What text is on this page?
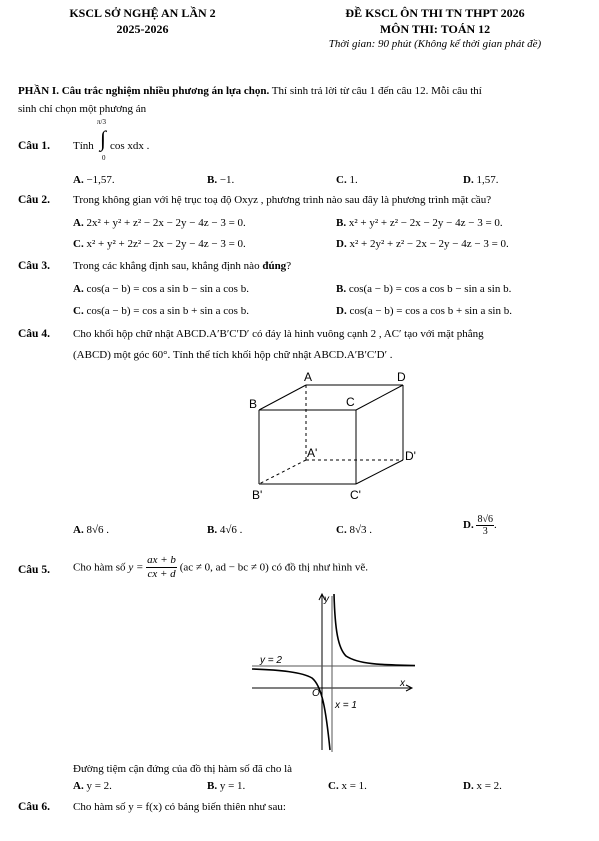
KSCL SỞ NGHỆ AN LẦN 2
2025-2026
ĐỀ KSCL ÔN THI TN THPT 2026
MÔN THI: TOÁN 12
Thời gian: 90 phút (Không kể thời gian phát đề)
PHẦN I. Câu trắc nghiệm nhiều phương án lựa chọn. Thí sinh trả lời từ câu 1 đến câu 12. Mỗi câu thí
sinh chỉ chọn một phương án
Câu 1. Tính
π/3
∫
0
cos xdx .
A. −1,57.	B. −1.	C. 1.	D. 1,57.
Câu 2. Trong không gian với hệ trục toạ độ Oxyz , phương trình nào sau đây là phương trình mặt cầu?
A. 2x² + y² + z² − 2x − 2y − 4z − 3 = 0.	B. x² + y² + z² − 2x − 2y − 4z − 3 = 0.
C. x² + y² + 2z² − 2x − 2y − 4z − 3 = 0.	D. x² + 2y² + z² − 2x − 2y − 4z − 3 = 0.
Câu 3. Trong các khẳng định sau, khẳng định nào đúng?
A. cos(a − b) = cos a sin b − sin a cos b.	B. cos(a − b) = cos a cos b − sin a sin b.
C. cos(a − b) = cos a sin b + sin a cos b.	D. cos(a − b) = cos a cos b + sin a sin b.
Câu 4. Cho khối hộp chữ nhật ABCD.A′B′C′D′ có đáy là hình vuông cạnh 2 , AC′ tạo với mặt phẳng
(ABCD) một góc 60°. Tính thể tích khối hộp chữ nhật ABCD.A′B′C′D′ .
A	D
B	C
A'	D'
B'	C'
A. 8√6 .	B. 4√6 .	C. 8√3 .	D. $\frac{8√6}{3}$ .
Câu 5. Cho hàm số $y = \frac{ax + b}{cx + d} (ac \ne 0$, ad − bc ≠ 0) có đồ thị như hình vẽ.
y
x
O
y = 2
x = 1
Đường tiệm cận đứng của đồ thị hàm số đã cho là
A. y = 2.	B. y = 1.	C. x = 1.	D. x = 2.
Câu 6. Cho hàm số y = f(x) có bảng biến thiên như sau:
